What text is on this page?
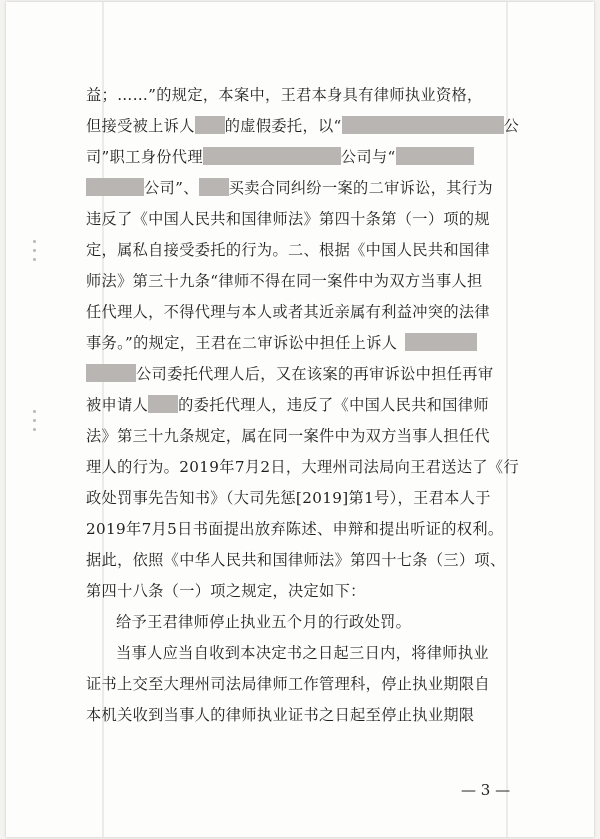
益；……”的规定，本案中，王君本身具有律师执业资格，
但接受被上诉人 的虚假委托，以“	公
司”职工身份代理	公司与“
公司”、 买卖合同纠纷一案的二审诉讼，其行为
违反了《中国人民共和国律师法》第四十条第（一）项的规
定，属私自接受委托的行为。二、根据《中国人民共和国律
师法》第三十九条“律师不得在同一案件中为双方当事人担
任代理人，不得代理与本人或者其近亲属有利益冲突的法律
事务。”的规定，王君在二审诉讼中担任上诉人
公司委托代理人后，又在该案的再审诉讼中担任再审
被申请人 的委托代理人，违反了《中国人民共和国律师
法》第三十九条规定，属在同一案件中为双方当事人担任代
理人的行为。2019年7月2日，大理州司法局向王君送达了《行
政处罚事先告知书》（大司先惩[2019]第1号），王君本人于
2019年7月5日书面提出放弃陈述、申辩和提出听证的权利。
据此，依照《中华人民共和国律师法》第四十七条（三）项、
第四十八条（一）项之规定，决定如下：
给予王君律师停止执业五个月的行政处罚。
当事人应当自收到本决定书之日起三日内，将律师执业
证书上交至大理州司法局律师工作管理科，停止执业期限自
本机关收到当事人的律师执业证书之日起至停止执业期限
— 3 —
